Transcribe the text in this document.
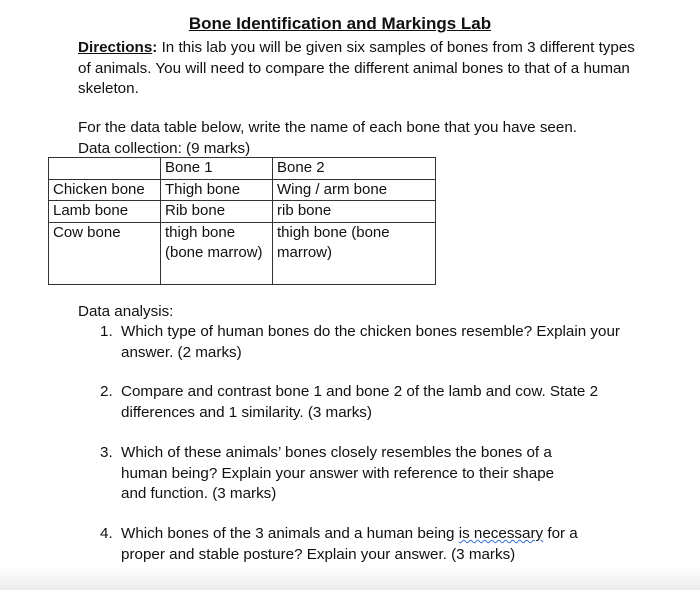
Bone Identification and Markings Lab
Directions: In this lab you will be given six samples of bones from 3 different types of animals. You will need to compare the different animal bones to that of a human skeleton.
For the data table below, write the name of each bone that you have seen.
Data collection: (9 marks)
	Bone 1	Bone 2
Chicken bone	Thigh bone	Wing / arm bone
Lamb bone	Rib bone	rib bone
Cow bone	thigh bone (bone marrow)	thigh bone (bone marrow)
Data analysis:
1. Which type of human bones do the chicken bones resemble? Explain your answer. (2 marks)
2. Compare and contrast bone 1 and bone 2 of the lamb and cow. State 2 differences and 1 similarity. (3 marks)
3. Which of these animals’ bones closely resembles the bones of a human being? Explain your answer with reference to their shape and function. (3 marks)
4. Which bones of the 3 animals and a human being is necessary for a proper and stable posture? Explain your answer. (3 marks)
